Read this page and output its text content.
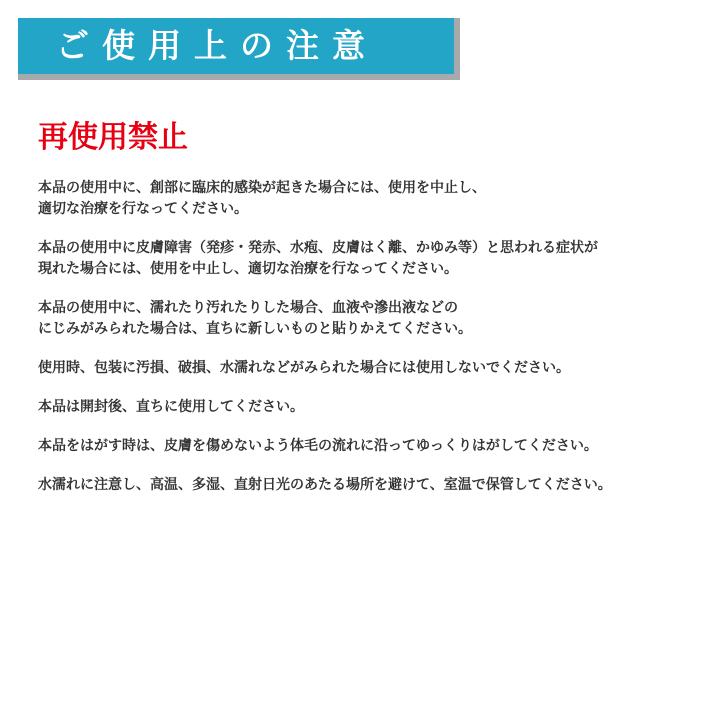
ご使用上の注意
再使用禁止
本品の使用中に、創部に臨床的感染が起きた場合には、使用を中止し、
適切な治療を行なってください。
本品の使用中に皮膚障害（発疹・発赤、水疱、皮膚はく離、かゆみ等）と思われる症状が
現れた場合には、使用を中止し、適切な治療を行なってください。
本品の使用中に、濡れたり汚れたりした場合、血液や滲出液などの
にじみがみられた場合は、直ちに新しいものと貼りかえてください。
使用時、包装に汚損、破損、水濡れなどがみられた場合には使用しないでください。
本品は開封後、直ちに使用してください。
本品をはがす時は、皮膚を傷めないよう体毛の流れに沿ってゆっくりはがしてください。
水濡れに注意し、高温、多湿、直射日光のあたる場所を避けて、室温で保管してください。
